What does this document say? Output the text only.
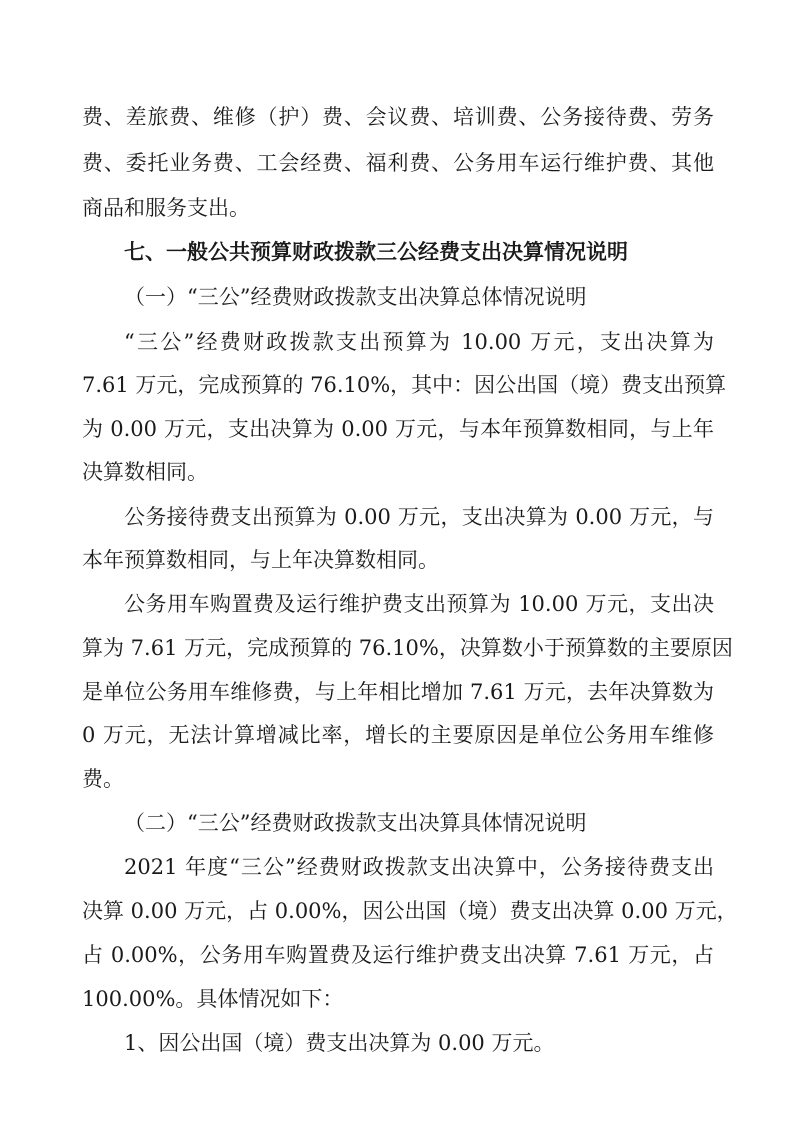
费、差旅费、维修（护）费、会议费、培训费、公务接待费、劳务
费、委托业务费、工会经费、福利费、公务用车运行维护费、其他
商品和服务支出。
七、一般公共预算财政拨款三公经费支出决算情况说明
（一）“三公”经费财政拨款支出决算总体情况说明
“三公”经费财政拨款支出预算为 10.00 万元，支出决算为
7.61 万元，完成预算的 76.10%，其中：因公出国（境）费支出预算
为 0.00 万元，支出决算为 0.00 万元，与本年预算数相同，与上年
决算数相同。
公务接待费支出预算为 0.00 万元，支出决算为 0.00 万元，与
本年预算数相同，与上年决算数相同。
公务用车购置费及运行维护费支出预算为 10.00 万元，支出决
算为 7.61 万元，完成预算的 76.10%，决算数小于预算数的主要原因
是单位公务用车维修费，与上年相比增加 7.61 万元，去年决算数为
0 万元，无法计算增减比率，增长的主要原因是单位公务用车维修
费。
（二）“三公”经费财政拨款支出决算具体情况说明
2021 年度“三公”经费财政拨款支出决算中，公务接待费支出
决算 0.00 万元，占 0.00%，因公出国（境）费支出决算 0.00 万元，
占 0.00%，公务用车购置费及运行维护费支出决算 7.61 万元，占
100.00%。具体情况如下：
1、因公出国（境）费支出决算为 0.00 万元。
